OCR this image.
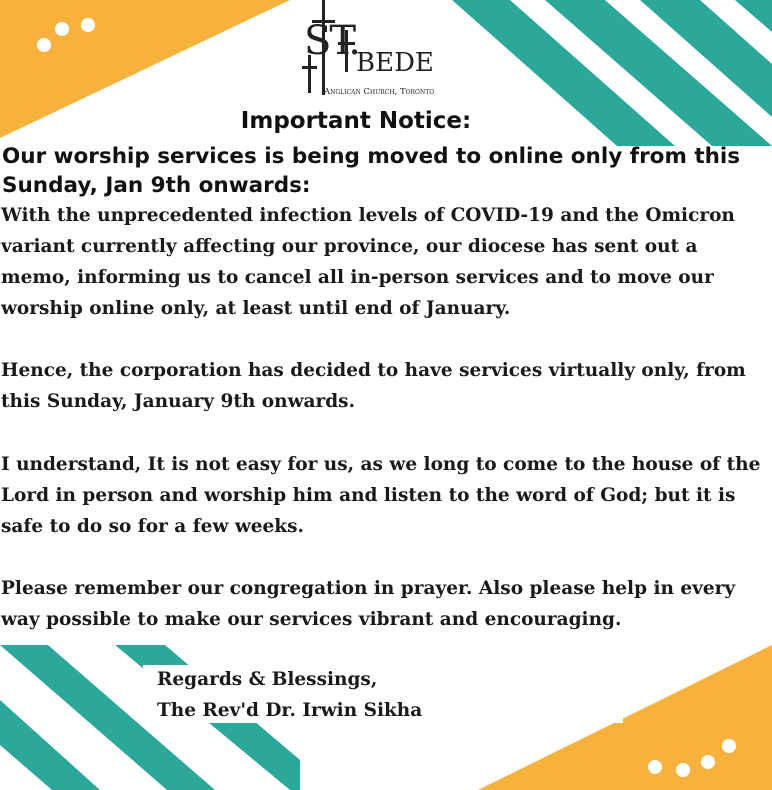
ST.
BEDE
Anglican Church, Toronto
Important Notice:
Our worship services is being moved to online only from this Sunday, Jan 9th onwards:

With the unprecedented infection levels of COVID-19 and the Omicron variant currently affecting our province, our diocese has sent out a memo, informing us to cancel all in-person services and to move our worship online only, at least until end of January.

Hence, the corporation has decided to have services virtually only, from this Sunday, January 9th onwards.

I understand, It is not easy for us, as we long to come to the house of the Lord in person and worship him and listen to the word of God; but it is safe to do so for a few weeks.

Please remember our congregation in prayer. Also please help in every way possible to make our services vibrant and encouraging.

Regards & Blessings,
The Rev'd Dr. Irwin Sikha
